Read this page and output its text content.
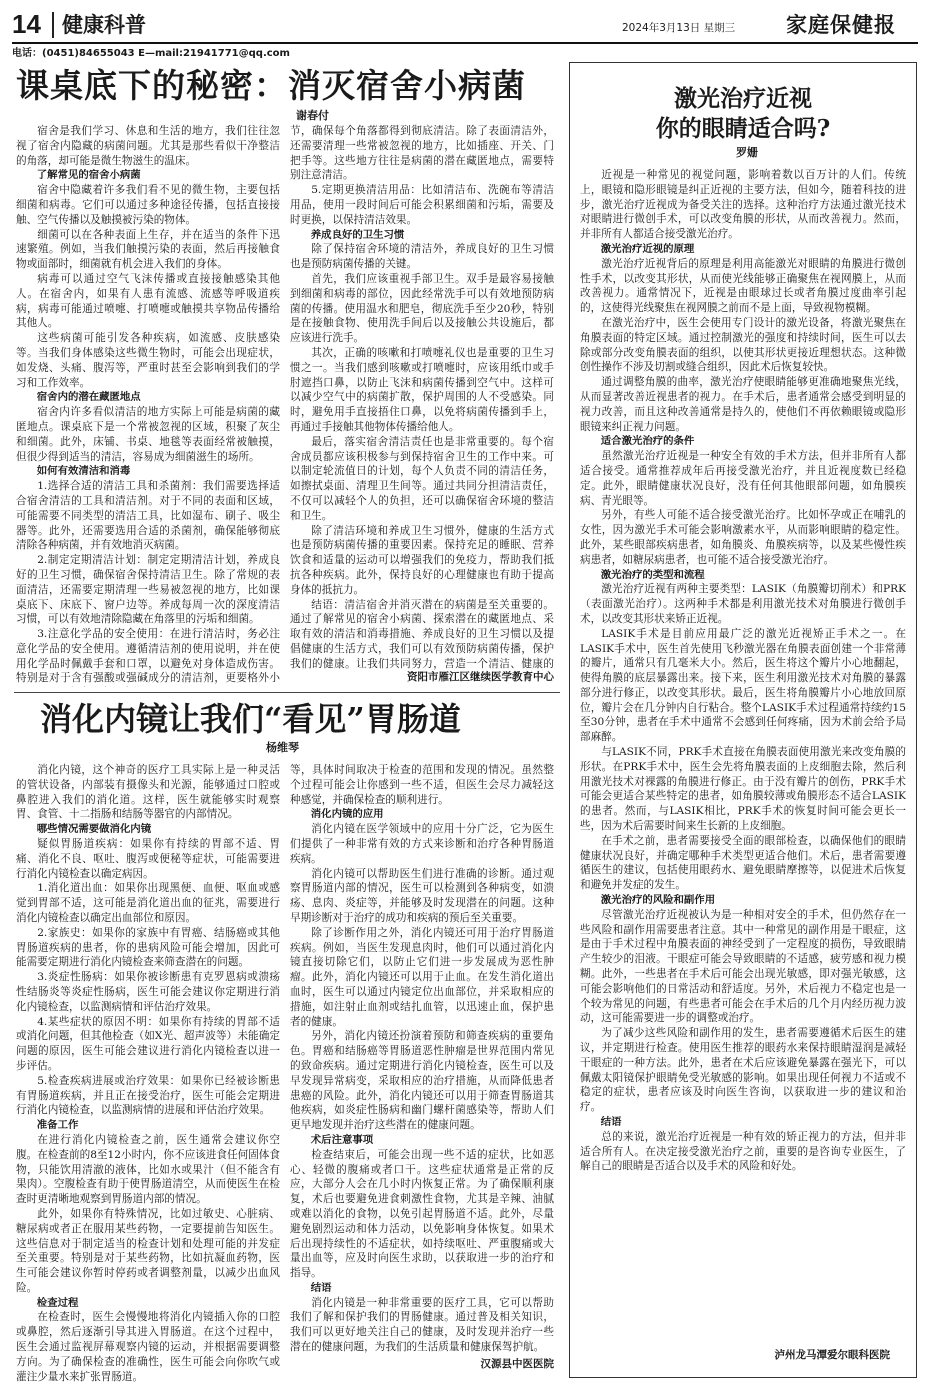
14 健康科普	2024年3月13日 星期三 家庭保健报
电话：(0451)84655043 E—mail:21941771@qq.com
课桌底下的秘密：消灭宿舍小病菌
谢春付

宿舍是我们学习、休息和生活的地方，我们往往忽视了宿舍内隐藏的病菌问题。尤其是那些看似干净整洁的角落，却可能是微生物滋生的温床。

了解常见的宿舍小病菌

宿舍中隐藏着许多我们看不见的微生物，主要包括细菌和病毒。它们可以通过多种途径传播，包括直接接触、空气传播以及触摸被污染的物体。

细菌可以在各种表面上生存，并在适当的条件下迅速繁殖。例如，当我们触摸污染的表面，然后再接触食物或面部时，细菌就有机会进入我们的身体。

病毒可以通过空气飞沫传播或直接接触感染其他人。在宿舍内，如果有人患有流感、流感等呼吸道疾病，病毒可能通过喷嚏、打喷嚏或触摸共享物品传播给其他人。

这些病菌可能引发各种疾病，如流感、皮肤感染等。当我们身体感染这些微生物时，可能会出现症状，如发烧、头痛、腹泻等，严重时甚至会影响到我们的学习和工作效率。

宿舍内的潜在藏匿地点

宿舍内许多看似清洁的地方实际上可能是病菌的藏匿地点。课桌底下是一个常被忽视的区域，积聚了灰尘和细菌。此外，床铺、书桌、地毯等表面经常被触摸，但很少得到适当的清洁，容易成为细菌滋生的场所。

如何有效清洁和消毒

1.选择合适的清洁工具和杀菌剂：我们需要选择适合宿舍清洁的工具和清洁剂。对于不同的表面和区域，可能需要不同类型的清洁工具，比如湿布、刷子、吸尘器等。此外，还需要选用合适的杀菌剂，确保能够彻底清除各种病菌，并有效地消灭病菌。

2.制定定期清洁计划：制定定期清洁计划，养成良好的卫生习惯，确保宿舍保持清洁卫生。除了常规的表面清洁，还需要定期清理一些易被忽视的地方，比如课桌底下、床底下、窗户边等。养成每周一次的深度清洁习惯，可以有效地清除隐藏在角落里的污垢和细菌。

3.注意化学品的安全使用：在进行清洁时，务必注意化学品的安全使用。遵循清洁剂的使用说明，并在使用化学品时佩戴手套和口罩，以避免对身体造成伤害。特别是对于含有强酸或强碱成分的清洁剂，更要格外小

节，确保每个角落都得到彻底清洁。除了表面清洁外，还需要清理一些常被忽视的地方，比如插座、开关、门把手等。这些地方往往是病菌的潜在藏匿地点，需要特别注意清洁。

5.定期更换清洁用品：比如清洁布、洗碗布等清洁用品，使用一段时间后可能会积累细菌和污垢，需要及时更换，以保持清洁效果。

养成良好的卫生习惯

除了保持宿舍环境的清洁外，养成良好的卫生习惯也是预防病菌传播的关键。

首先，我们应该重视手部卫生。双手是最容易接触到细菌和病毒的部位，因此经常洗手可以有效地预防病菌的传播。使用温水和肥皂，彻底洗手至少20秒，特别是在接触食物、使用洗手间后以及接触公共设施后，都应该进行洗手。

其次，正确的咳嗽和打喷嚏礼仪也是重要的卫生习惯之一。当我们感到咳嗽或打喷嚏时，应该用纸巾或手肘遮挡口鼻，以防止飞沫和病菌传播到空气中。这样可以减少空气中的病菌扩散，保护周围的人不受感染。同时，避免用手直接捂住口鼻，以免将病菌传播到手上，再通过手接触其他物体传播给他人。

最后，落实宿舍清洁责任也是非常重要的。每个宿舍成员都应该积极参与到保持宿舍卫生的工作中来。可以制定轮流值日的计划，每个人负责不同的清洁任务，如擦拭桌面、清理卫生间等。通过共同分担清洁责任，不仅可以减轻个人的负担，还可以确保宿舍环境的整洁和卫生。

除了清洁环境和养成卫生习惯外，健康的生活方式也是预防病菌传播的重要因素。保持充足的睡眠、营养饮食和适量的运动可以增强我们的免疫力，帮助我们抵抗各种疾病。此外，保持良好的心理健康也有助于提高身体的抵抗力。

结语：清洁宿舍并消灭潜在的病菌是至关重要的。通过了解常见的宿舍小病菌、探索潜在的藏匿地点、采取有效的清洁和消毒措施、养成良好的卫生习惯以及提倡健康的生活方式，我们可以有效预防病菌传播，保护我们的健康。让我们共同努力，营造一个清洁、健康的

资阳市雁江区继续医学教育中心
消化内镜让我们“看见”胃肠道
杨维琴

消化内镜，这个神奇的医疗工具实际上是一种灵活的管状设备，内部装有摄像头和光源，能够通过口腔或鼻腔进入我们的消化道。这样，医生就能够实时观察胃、食管、十二指肠和结肠等器官的内部情况。

哪些情况需要做消化内镜

疑似胃肠道疾病：如果你有持续的胃部不适、胃痛、消化不良、呕吐、腹泻或便秘等症状，可能需要进行消化内镜检查以确定病因。

1.消化道出血：如果你出现黑便、血便、呕血或感觉到胃部不适，这可能是消化道出血的征兆，需要进行消化内镜检查以确定出血部位和原因。

2.家族史：如果你的家族中有胃癌、结肠癌或其他胃肠道疾病的患者，你的患病风险可能会增加，因此可能需要定期进行消化内镜检查来筛查潜在的问题。

3.炎症性肠病：如果你被诊断患有克罗恩病或溃疡性结肠炎等炎症性肠病，医生可能会建议你定期进行消化内镜检查，以监测病情和评估治疗效果。

4.某些症状的原因不明：如果你有持续的胃部不适或消化问题，但其他检查（如X光、超声波等）未能确定问题的原因，医生可能会建议进行消化内镜检查以进一步评估。

5.检查疾病进展或治疗效果：如果你已经被诊断患有胃肠道疾病，并且正在接受治疗，医生可能会定期进行消化内镜检查，以监测病情的进展和评估治疗效果。

准备工作

在进行消化内镜检查之前，医生通常会建议你空腹。在检查前的8至12小时内，你不应该进食任何固体食物，只能饮用清澈的液体，比如水或果汁（但不能含有果肉）。空腹检查有助于使胃肠道清空，从而使医生在检查时更清晰地观察到胃肠道内部的情况。

此外，如果你有特殊情况，比如过敏史、心脏病、糖尿病或者正在服用某些药物，一定要提前告知医生。这些信息对于制定适当的检查计划和处理可能的并发症至关重要。特别是对于某些药物，比如抗凝血药物，医生可能会建议你暂时停药或者调整剂量，以减少出血风险。

检查过程

在检查时，医生会慢慢地将消化内镜插入你的口腔或鼻腔，然后逐渐引导其进入胃肠道。在这个过程中，医生会通过监视屏幕观察内镜的运动，并根据需要调整方向。为了确保检查的准确性，医生可能会向你吹气或灌注少量水来扩张胃肠道。

等，具体时间取决于检查的范围和发现的情况。虽然整个过程可能会让你感到一些不适，但医生会尽力减轻这种感觉，并确保检查的顺利进行。

消化内镜的应用

消化内镜在医学领域中的应用十分广泛，它为医生们提供了一种非常有效的方式来诊断和治疗各种胃肠道疾病。

消化内镜可以帮助医生们进行准确的诊断。通过观察胃肠道内部的情况，医生可以检测到各种病变，如溃疡、息肉、炎症等，并能够及时发现潜在的问题。这种早期诊断对于治疗的成功和疾病的预后至关重要。

除了诊断作用之外，消化内镜还可用于治疗胃肠道疾病。例如，当医生发现息肉时，他们可以通过消化内镜直接切除它们，以防止它们进一步发展成为恶性肿瘤。此外，消化内镜还可以用于止血。在发生消化道出血时，医生可以通过内镜定位出血部位，并采取相应的措施，如注射止血剂或结扎血管，以迅速止血，保护患者的健康。

另外，消化内镜还扮演着预防和筛查疾病的重要角色。胃癌和结肠癌等胃肠道恶性肿瘤是世界范围内常见的致命疾病。通过定期进行消化内镜检查，医生可以及早发现异常病变，采取相应的治疗措施，从而降低患者患癌的风险。此外，消化内镜还可以用于筛查胃肠道其他疾病，如炎症性肠病和幽门螺杆菌感染等，帮助人们更早地发现并治疗这些潜在的健康问题。

术后注意事项

检查结束后，可能会出现一些不适的症状，比如恶心、轻微的腹痛或者口干。这些症状通常是正常的反应，大部分人会在几小时内恢复正常。为了确保顺利康复，术后也要避免进食刺激性食物，尤其是辛辣、油腻或难以消化的食物，以免引起胃肠道不适。此外，尽量避免剧烈运动和体力活动，以免影响身体恢复。如果术后出现持续性的不适症状，如持续呕吐、严重腹痛或大量出血等，应及时向医生求助，以获取进一步的治疗和指导。

结语

消化内镜是一种非常重要的医疗工具，它可以帮助我们了解和保护我们的胃肠健康。通过普及相关知识，我们可以更好地关注自己的健康，及时发现并治疗一些潜在的健康问题，为我们的生活质量和健康保驾护航。

汉源县中医医院
激光治疗近视
你的眼睛适合吗?
罗姗

近视是一种常见的视觉问题，影响着数以百万计的人们。传统上，眼镜和隐形眼镜是纠正近视的主要方法，但如今，随着科技的进步，激光治疗近视成为备受关注的选择。这种治疗方法通过激光技术对眼睛进行微创手术，可以改变角膜的形状，从而改善视力。然而，并非所有人都适合接受激光治疗。

激光治疗近视的原理

激光治疗近视背后的原理是利用高能激光对眼睛的角膜进行微创性手术，以改变其形状，从而使光线能够正确聚焦在视网膜上，从而改善视力。通常情况下，近视是由眼球过长或者角膜过度曲率引起的，这使得光线聚焦在视网膜之前而不是上面，导致视物模糊。

在激光治疗中，医生会使用专门设计的激光设备，将激光聚焦在角膜表面的特定区域。通过控制激光的强度和持续时间，医生可以去除或部分改变角膜表面的组织，以使其形状更接近理想状态。这种微创性操作不涉及切割或缝合组织，因此术后恢复较快。

通过调整角膜的曲率，激光治疗使眼睛能够更准确地聚焦光线，从而显著改善近视患者的视力。在手术后，患者通常会感受到明显的视力改善，而且这种改善通常是持久的，使他们不再依赖眼镜或隐形眼镜来纠正视力问题。

适合激光治疗的条件

虽然激光治疗近视是一种安全有效的手术方法，但并非所有人都适合接受。通常推荐成年后再接受激光治疗，并且近视度数已经稳定。此外，眼睛健康状况良好，没有任何其他眼部问题，如角膜疾病、青光眼等。

另外，有些人可能不适合接受激光治疗。比如怀孕或正在哺乳的女性，因为激光手术可能会影响激素水平，从而影响眼睛的稳定性。此外，某些眼部疾病患者，如角膜炎、角膜疾病等，以及某些慢性疾病患者，如糖尿病患者，也可能不适合接受激光治疗。

激光治疗的类型和流程

激光治疗近视有两种主要类型：LASIK（角膜瓣切削术）和PRK（表面激光治疗）。这两种手术都是利用激光技术对角膜进行微创手术，以改变其形状来矫正近视。

LASIK手术是目前应用最广泛的激光近视矫正手术之一。在LASIK手术中，医生首先使用飞秒激光器在角膜表面创建一个非常薄的瓣片，通常只有几毫米大小。然后，医生将这个瓣片小心地翻起，使得角膜的底层暴露出来。接下来，医生利用激光技术对角膜的暴露部分进行修正，以改变其形状。最后，医生将角膜瓣片小心地放回原位，瓣片会在几分钟内自行粘合。整个LASIK手术过程通常持续约15至30分钟，患者在手术中通常不会感到任何疼痛，因为术前会给予局部麻醉。

与LASIK不同，PRK手术直接在角膜表面使用激光来改变角膜的形状。在PRK手术中，医生会先将角膜表面的上皮细胞去除，然后利用激光技术对裸露的角膜进行修正。由于没有瓣片的创伤，PRK手术可能会更适合某些特定的患者，如角膜较薄或角膜形态不适合LASIK的患者。然而，与LASIK相比，PRK手术的恢复时间可能会更长一些，因为术后需要时间来生长新的上皮细胞。

在手术之前，患者需要接受全面的眼部检查，以确保他们的眼睛健康状况良好，并确定哪种手术类型更适合他们。术后，患者需要遵循医生的建议，包括使用眼药水、避免眼睛摩擦等，以促进术后恢复和避免并发症的发生。

激光治疗的风险和副作用

尽管激光治疗近视被认为是一种相对安全的手术，但仍然存在一些风险和副作用需要患者注意。其中一种常见的副作用是干眼症，这是由于手术过程中角膜表面的神经受到了一定程度的损伤，导致眼睛产生较少的泪液。干眼症可能会导致眼睛的不适感，疲劳感和视力模糊。此外，一些患者在手术后可能会出现光敏感，即对强光敏感，这可能会影响他们的日常活动和舒适度。另外，术后视力不稳定也是一个较为常见的问题，有些患者可能会在手术后的几个月内经历视力波动，这可能需要进一步的调整或治疗。

为了减少这些风险和副作用的发生，患者需要遵循术后医生的建议，并定期进行检查。使用医生推荐的眼药水来保持眼睛湿润是减轻干眼症的一种方法。此外，患者在术后应该避免暴露在强光下，可以佩戴太阳镜保护眼睛免受光敏感的影响。如果出现任何视力不适或不稳定的症状，患者应该及时向医生咨询，以获取进一步的建议和治疗。

结语

总的来说，激光治疗近视是一种有效的矫正视力的方法，但并非适合所有人。在决定接受激光治疗之前，重要的是咨询专业医生，了解自己的眼睛是否适合以及手术的风险和好处。

泸州龙马潭爱尔眼科医院
